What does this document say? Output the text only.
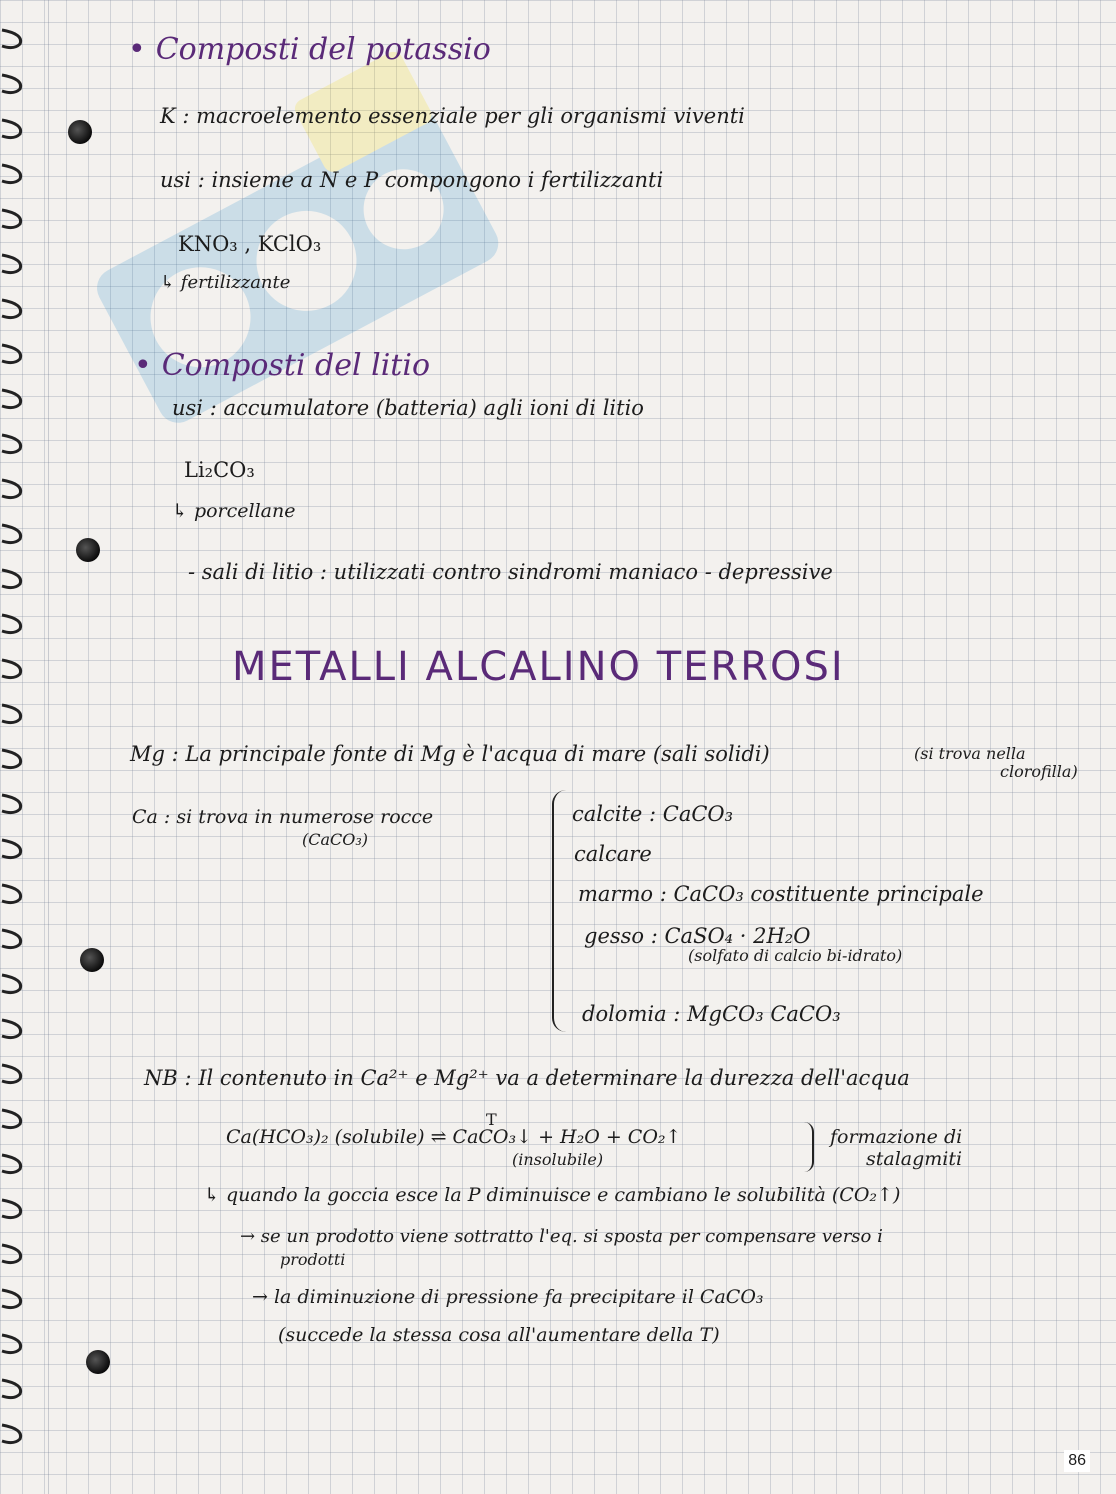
• Composti del potassio
K : macroelemento essenziale per gli organismi viventi
usi : insieme a N e P compongono i fertilizzanti
KNO₃ , KClO₃
↳ fertilizzante
• Composti del litio
usi : accumulatore (batteria) agli ioni di litio
Li₂CO₃
↳ porcellane
- sali di litio : utilizzati contro sindromi maniaco - depressive
METALLI ALCALINO TERROSI
Mg : La principale fonte di Mg è l'acqua di mare (sali solidi)	(si trova nella
clorofilla)
Ca : si trova in numerose rocce
(CaCO₃)
calcite : CaCO₃
calcare
marmo : CaCO₃ costituente principale
gesso : CaSO₄ · 2H₂O
(solfato di calcio bi-idrato)
dolomia : MgCO₃ CaCO₃
NB : Il contenuto in Ca²⁺ e Mg²⁺ va a determinare la durezza dell'acqua
T
Ca(HCO₃)₂ (solubile) ⇌ CaCO₃↓ + H₂O + CO₂↑
(insolubile)
formazione di
stalagmiti
↳ quando la goccia esce la P diminuisce e cambiano le solubilità (CO₂↑)
→ se un prodotto viene sottratto l'eq. si sposta per compensare verso i
prodotti
→ la diminuzione di pressione fa precipitare il CaCO₃
(succede la stessa cosa all'aumentare della T)
86
